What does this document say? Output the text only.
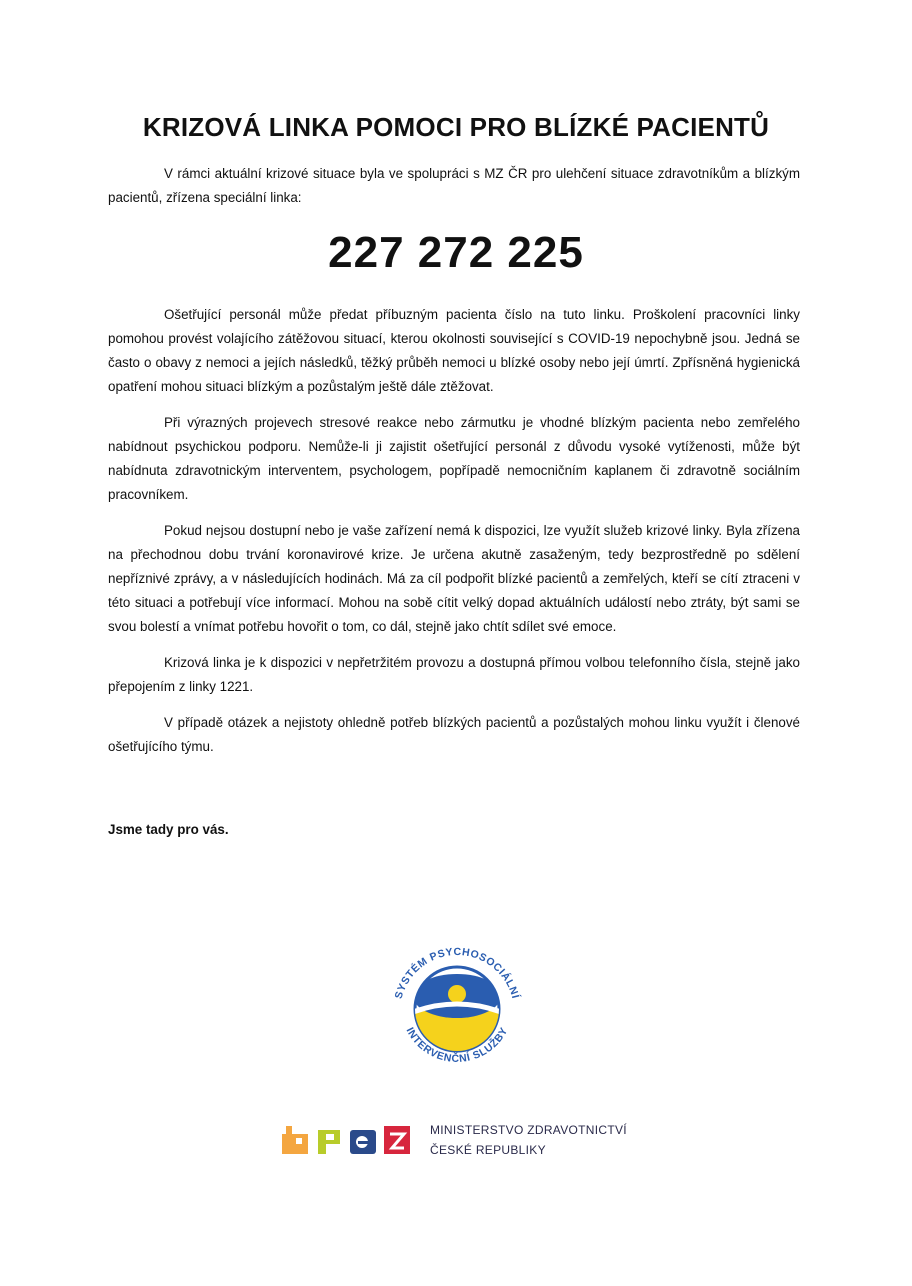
KRIZOVÁ LINKA POMOCI PRO BLÍZKÉ PACIENTŮ

V rámci aktuální krizové situace byla ve spolupráci s MZ ČR pro ulehčení situace zdravotníkům a blízkým pacientů, zřízena speciální linka:

227 272 225

Ošetřující personál může předat příbuzným pacienta číslo na tuto linku. Proškolení pracovníci linky pomohou provést volajícího zátěžovou situací, kterou okolnosti související s COVID-19 nepochybně jsou. Jedná se často o obavy z nemoci a jejích následků, těžký průběh nemoci u blízké osoby nebo její úmrtí. Zpřísněná hygienická opatření mohou situaci blízkým a pozůstalým ještě dále ztěžovat.

Při výrazných projevech stresové reakce nebo zármutku je vhodné blízkým pacienta nebo zemřelého nabídnout psychickou podporu. Nemůže-li ji zajistit ošetřující personál z důvodu vysoké vytíženosti, může být nabídnuta zdravotnickým interventem, psychologem, popřípadě nemocničním kaplanem či zdravotně sociálním pracovníkem.

Pokud nejsou dostupní nebo je vaše zařízení nemá k dispozici, lze využít služeb krizové linky. Byla zřízena na přechodnou dobu trvání koronavirové krize. Je určena akutně zasaženým, tedy bezprostředně po sdělení nepříznivé zprávy, a v následujících hodinách. Má za cíl podpořit blízké pacientů a zemřelých, kteří se cítí ztraceni v této situaci a potřebují více informací. Mohou na sobě cítit velký dopad aktuálních událostí nebo ztráty, být sami se svou bolestí a vnímat potřebu hovořit o tom, co dál, stejně jako chtít sdílet své emoce.

Krizová linka je k dispozici v nepřetržitém provozu a dostupná přímou volbou telefonního čísla, stejně jako přepojením z linky 1221.

V případě otázek a nejistoty ohledně potřeb blízkých pacientů a pozůstalých mohou linku využít i členové ošetřujícího týmu.

Jsme tady pro vás.
SYSTÉM PSYCHOSOCIÁLNÍ
INTERVENČNÍ SLUŽBY
MINISTERSTVO ZDRAVOTNICTVÍ
ČESKÉ REPUBLIKY
